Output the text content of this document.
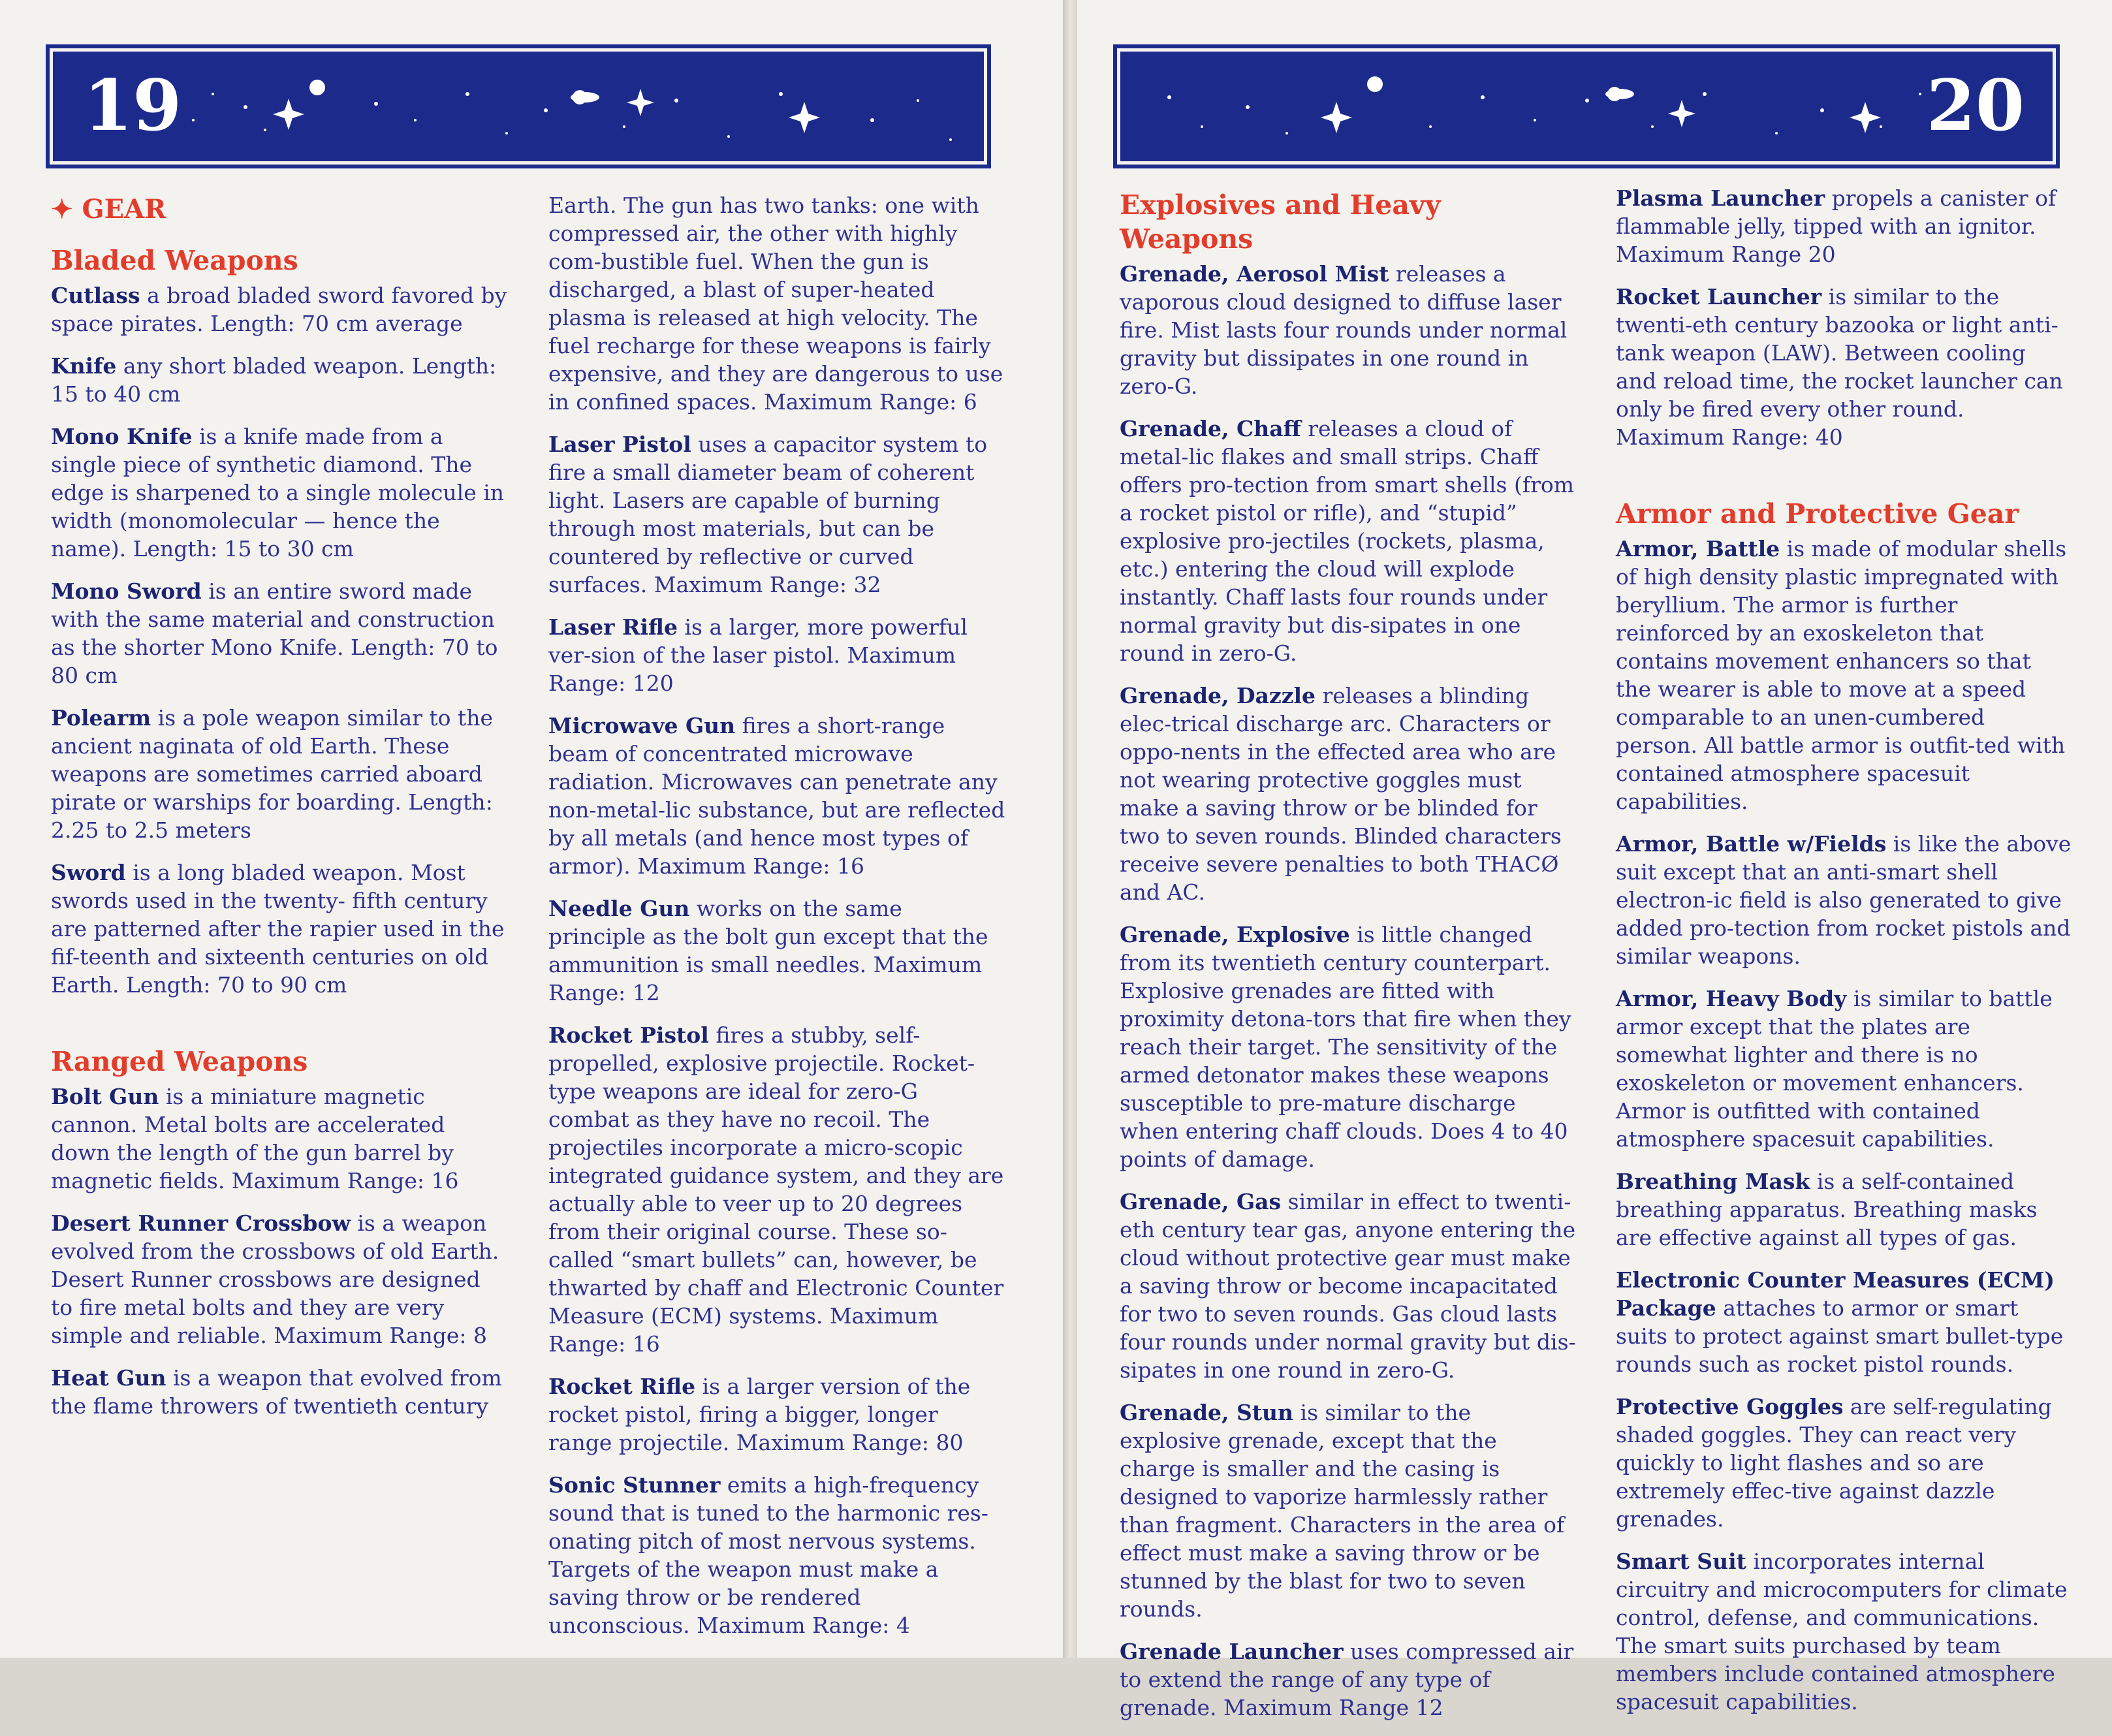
19
✦ GEAR
Bladed Weapons

Cutlass a broad bladed sword favored by space pirates. Length: 70 cm average

Knife any short bladed weapon. Length: 15 to 40 cm

Mono Knife is a knife made from a single piece of synthetic diamond. The edge is sharpened to a single molecule in width (monomolecular — hence the name). Length: 15 to 30 cm

Mono Sword is an entire sword made with the same material and construction as the shorter Mono Knife. Length: 70 to 80 cm

Polearm is a pole weapon similar to the ancient naginata of old Earth. These weapons are sometimes carried aboard pirate or warships for boarding. Length: 2.25 to 2.5 meters

Sword is a long bladed weapon. Most swords used in the twenty- fifth century are patterned after the rapier used in the fif-teenth and sixteenth centuries on old Earth. Length: 70 to 90 cm

Ranged Weapons

Bolt Gun is a miniature magnetic cannon. Metal bolts are accelerated down the length of the gun barrel by magnetic fields. Maximum Range: 16

Desert Runner Crossbow is a weapon evolved from the crossbows of old Earth. Desert Runner crossbows are designed to fire metal bolts and they are very simple and reliable. Maximum Range: 8

Heat Gun is a weapon that evolved from the flame throwers of twentieth century

Earth. The gun has two tanks: one with compressed air, the other with highly com-bustible fuel. When the gun is discharged, a blast of super-heated plasma is released at high velocity. The fuel recharge for these weapons is fairly expensive, and they are dangerous to use in confined spaces. Maximum Range: 6

Laser Pistol uses a capacitor system to fire a small diameter beam of coherent light. Lasers are capable of burning through most materials, but can be countered by reflective or curved surfaces. Maximum Range: 32

Laser Rifle is a larger, more powerful ver-sion of the laser pistol. Maximum Range: 120

Microwave Gun fires a short-range beam of concentrated microwave radiation. Microwaves can penetrate any non-metal-lic substance, but are reflected by all metals (and hence most types of armor). Maximum Range: 16

Needle Gun works on the same principle as the bolt gun except that the ammunition is small needles. Maximum Range: 12

Rocket Pistol fires a stubby, self-propelled, explosive projectile. Rocket-type weapons are ideal for zero-G combat as they have no recoil. The projectiles incorporate a micro-scopic integrated guidance system, and they are actually able to veer up to 20 degrees from their original course. These so-called “smart bullets” can, however, be thwarted by chaff and Electronic Counter Measure (ECM) systems. Maximum Range: 16

Rocket Rifle is a larger version of the rocket pistol, firing a bigger, longer range projectile. Maximum Range: 80

Sonic Stunner emits a high-frequency sound that is tuned to the harmonic res-onating pitch of most nervous systems. Targets of the weapon must make a saving throw or be rendered unconscious. Maximum Range: 4

20
Explosives and Heavy Weapons

Grenade, Aerosol Mist releases a vaporous cloud designed to diffuse laser fire. Mist lasts four rounds under normal gravity but dissipates in one round in zero-G.

Grenade, Chaff releases a cloud of metal-lic flakes and small strips. Chaff offers pro-tection from smart shells (from a rocket pistol or rifle), and “stupid” explosive pro-jectiles (rockets, plasma, etc.) entering the cloud will explode instantly. Chaff lasts four rounds under normal gravity but dis-sipates in one round in zero-G.

Grenade, Dazzle releases a blinding elec-trical discharge arc. Characters or oppo-nents in the effected area who are not wearing protective goggles must make a saving throw or be blinded for two to seven rounds. Blinded characters receive severe penalties to both THACØ and AC.

Grenade, Explosive is little changed from its twentieth century counterpart. Explosive grenades are fitted with proximity detona-tors that fire when they reach their target. The sensitivity of the armed detonator makes these weapons susceptible to pre-mature discharge when entering chaff clouds. Does 4 to 40 points of damage.

Grenade, Gas similar in effect to twenti-eth century tear gas, anyone entering the cloud without protective gear must make a saving throw or become incapacitated for two to seven rounds. Gas cloud lasts four rounds under normal gravity but dis-sipates in one round in zero-G.

Grenade, Stun is similar to the explosive grenade, except that the charge is smaller and the casing is designed to vaporize harmlessly rather than fragment. Characters in the area of effect must make a saving throw or be stunned by the blast for two to seven rounds.

Grenade Launcher uses compressed air to extend the range of any type of grenade. Maximum Range 12

Plasma Launcher propels a canister of flammable jelly, tipped with an ignitor. Maximum Range 20

Rocket Launcher is similar to the twenti-eth century bazooka or light anti-tank weapon (LAW). Between cooling and reload time, the rocket launcher can only be fired every other round. Maximum Range: 40

Armor and Protective Gear

Armor, Battle is made of modular shells of high density plastic impregnated with beryllium. The armor is further reinforced by an exoskeleton that contains movement enhancers so that the wearer is able to move at a speed comparable to an unen-cumbered person. All battle armor is outfit-ted with contained atmosphere spacesuit capabilities.

Armor, Battle w/Fields is like the above suit except that an anti-smart shell electron-ic field is also generated to give added pro-tection from rocket pistols and similar weapons.

Armor, Heavy Body is similar to battle armor except that the plates are somewhat lighter and there is no exoskeleton or movement enhancers. Armor is outfitted with contained atmosphere spacesuit capabilities.

Breathing Mask is a self-contained breathing apparatus. Breathing masks are effective against all types of gas.

Electronic Counter Measures (ECM) Package attaches to armor or smart suits to protect against smart bullet-type rounds such as rocket pistol rounds.

Protective Goggles are self-regulating shaded goggles. They can react very quickly to light flashes and so are extremely effec-tive against dazzle grenades.

Smart Suit incorporates internal circuitry and microcomputers for climate control, defense, and communications. The smart suits purchased by team members include contained atmosphere spacesuit capabilities.
